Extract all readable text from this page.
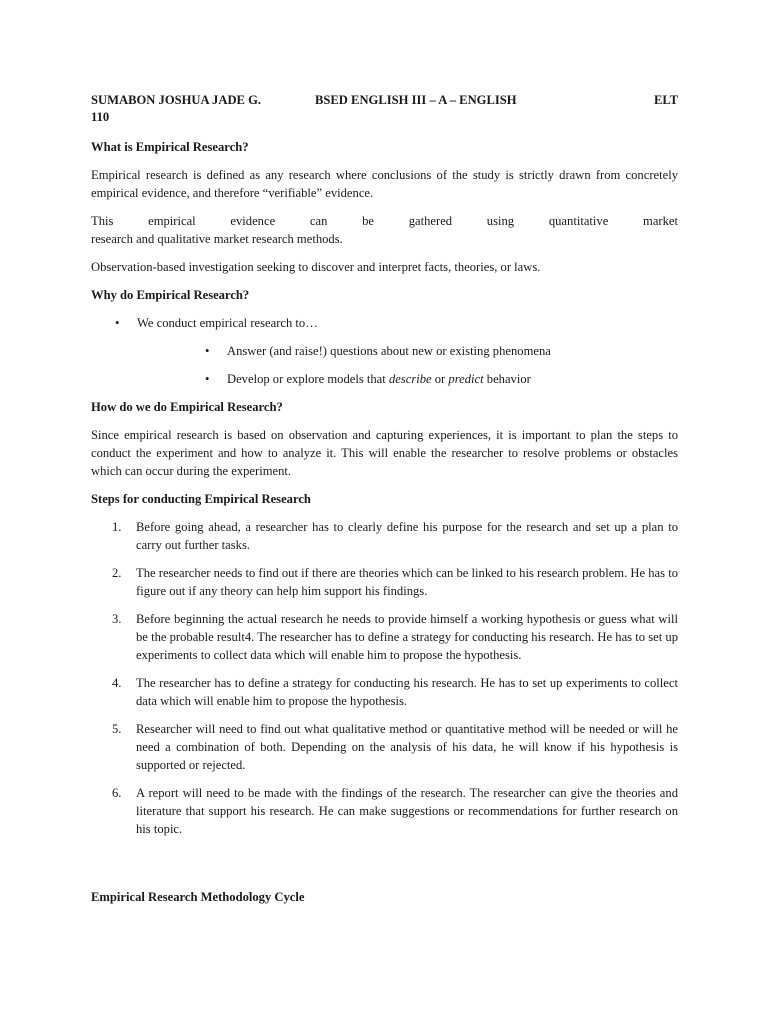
SUMABON JOSHUA JADE G.	BSED ENGLISH III – A – ENGLISH	ELT
110
What is Empirical Research?

Empirical research is defined as any research where conclusions of the study is strictly drawn from concretely empirical evidence, and therefore “verifiable” evidence.

This empirical evidence can be gathered using quantitative market

research and qualitative market research methods.

Observation-based investigation seeking to discover and interpret facts, theories, or laws.

Why do Empirical Research?
• We conduct empirical research to…
• Answer (and raise!) questions about new or existing phenomena
• Develop or explore models that describe or predict behavior
How do we do Empirical Research?

Since empirical research is based on observation and capturing experiences, it is important to plan the steps to conduct the experiment and how to analyze it. This will enable the researcher to resolve problems or obstacles which can occur during the experiment.

Steps for conducting Empirical Research
1. Before going ahead, a researcher has to clearly define his purpose for the research and set up a plan to carry out further tasks.
2. The researcher needs to find out if there are theories which can be linked to his research problem. He has to figure out if any theory can help him support his findings.
3. Before beginning the actual research he needs to provide himself a working hypothesis or guess what will be the probable result4. The researcher has to define a strategy for conducting his research. He has to set up experiments to collect data which will enable him to propose the hypothesis.
4. The researcher has to define a strategy for conducting his research. He has to set up experiments to collect data which will enable him to propose the hypothesis.
5. Researcher will need to find out what qualitative method or quantitative method will be needed or will he need a combination of both. Depending on the analysis of his data, he will know if his hypothesis is supported or rejected.
6. A report will need to be made with the findings of the research. The researcher can give the theories and literature that support his research. He can make suggestions or recommendations for further research on his topic.
Empirical Research Methodology Cycle
